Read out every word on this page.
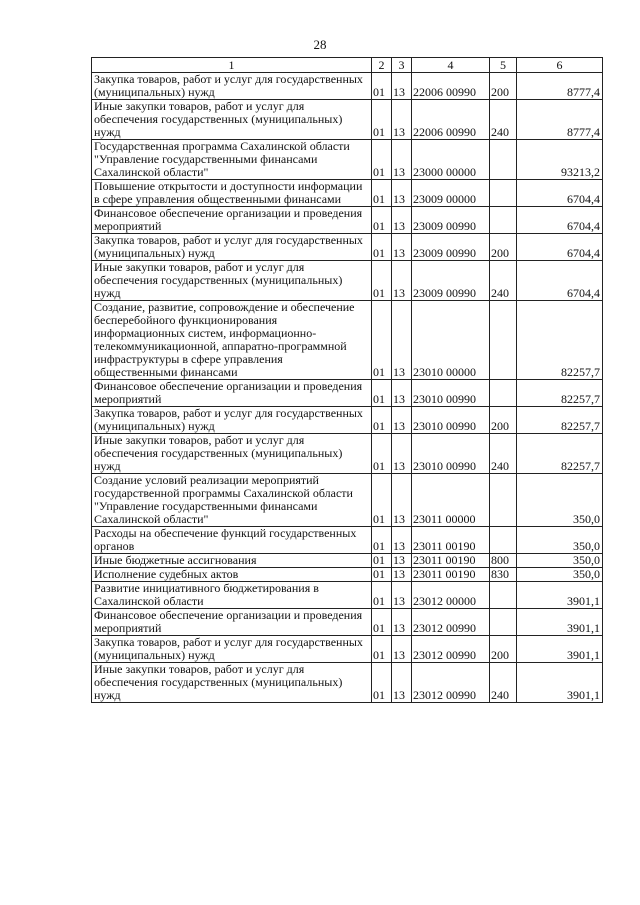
28
1	2	3	4	5	6
Закупка товаров, работ и услуг для государственных (муниципальных) нужд	01	13	22006 00990	200	8777,4
Иные закупки товаров, работ и услуг для обеспечения государственных (муниципальных) нужд	01	13	22006 00990	240	8777,4
Государственная программа Сахалинской области "Управление государственными финансами Сахалинской области"	01	13	23000 00000		93213,2
Повышение открытости и доступности информации в сфере управления общественными финансами	01	13	23009 00000		6704,4
Финансовое обеспечение организации и проведения мероприятий	01	13	23009 00990		6704,4
Закупка товаров, работ и услуг для государственных (муниципальных) нужд	01	13	23009 00990	200	6704,4
Иные закупки товаров, работ и услуг для обеспечения государственных (муниципальных) нужд	01	13	23009 00990	240	6704,4
Создание, развитие, сопровождение и обеспечение бесперебойного функционирования информационных систем, информационно-телекоммуникационной, аппаратно-программной инфраструктуры в сфере управления общественными финансами	01	13	23010 00000		82257,7
Финансовое обеспечение организации и проведения мероприятий	01	13	23010 00990		82257,7
Закупка товаров, работ и услуг для государственных (муниципальных) нужд	01	13	23010 00990	200	82257,7
Иные закупки товаров, работ и услуг для обеспечения государственных (муниципальных) нужд	01	13	23010 00990	240	82257,7
Создание условий реализации мероприятий государственной программы Сахалинской области "Управление государственными финансами Сахалинской области"	01	13	23011 00000		350,0
Расходы на обеспечение функций государственных органов	01	13	23011 00190		350,0
Иные бюджетные ассигнования	01	13	23011 00190	800	350,0
Исполнение судебных актов	01	13	23011 00190	830	350,0
Развитие инициативного бюджетирования в Сахалинской области	01	13	23012 00000		3901,1
Финансовое обеспечение организации и проведения мероприятий	01	13	23012 00990		3901,1
Закупка товаров, работ и услуг для государственных (муниципальных) нужд	01	13	23012 00990	200	3901,1
Иные закупки товаров, работ и услуг для обеспечения государственных (муниципальных) нужд	01	13	23012 00990	240	3901,1
